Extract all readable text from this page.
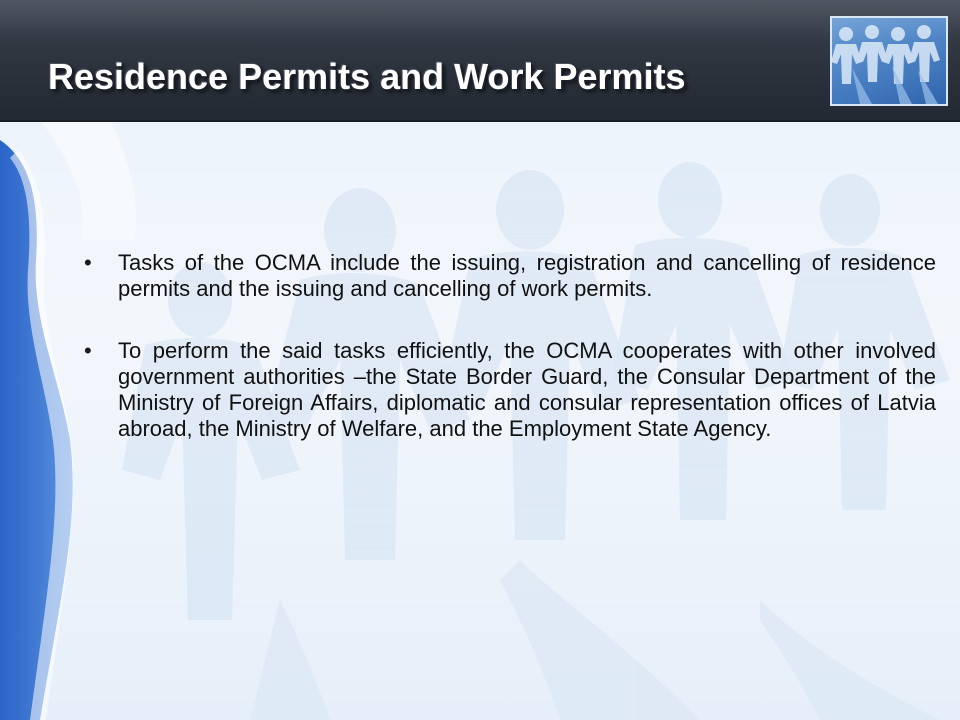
Residence Permits and Work Permits
• Tasks of the OCMA include the issuing, registration and cancelling of residence permits and the issuing and cancelling of work permits.
• To perform the said tasks efficiently, the OCMA cooperates with other involved government authorities –the State Border Guard, the Consular Department of the Ministry of Foreign Affairs, diplomatic and consular representation offices of Latvia abroad, the Ministry of Welfare, and the Employment State Agency.
